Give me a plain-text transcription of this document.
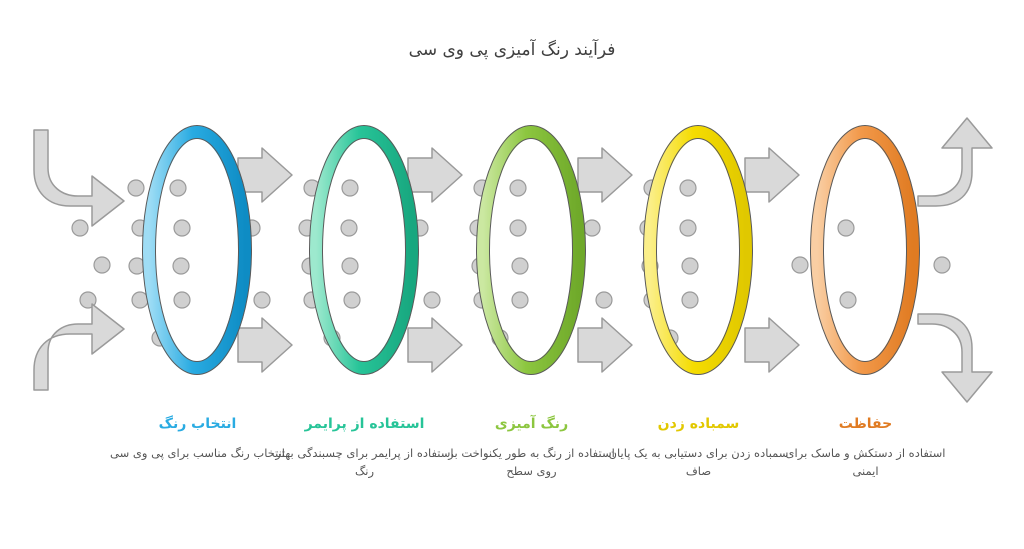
فرآیند رنگ آمیزی پی وی سی
انتخاب رنگ
انتخاب رنگ مناسب برای پی وی سی
استفاده از پرایمر
استفاده از پرایمر برای چسبندگی بهتر رنگ
رنگ آمیزی
استفاده از رنگ به طور یکنواخت بر روی سطح
سمباده زدن
سمباده زدن برای دستیابی به یک پایان صاف
حفاظت
استفاده از دستکش و ماسک برای ایمنی
